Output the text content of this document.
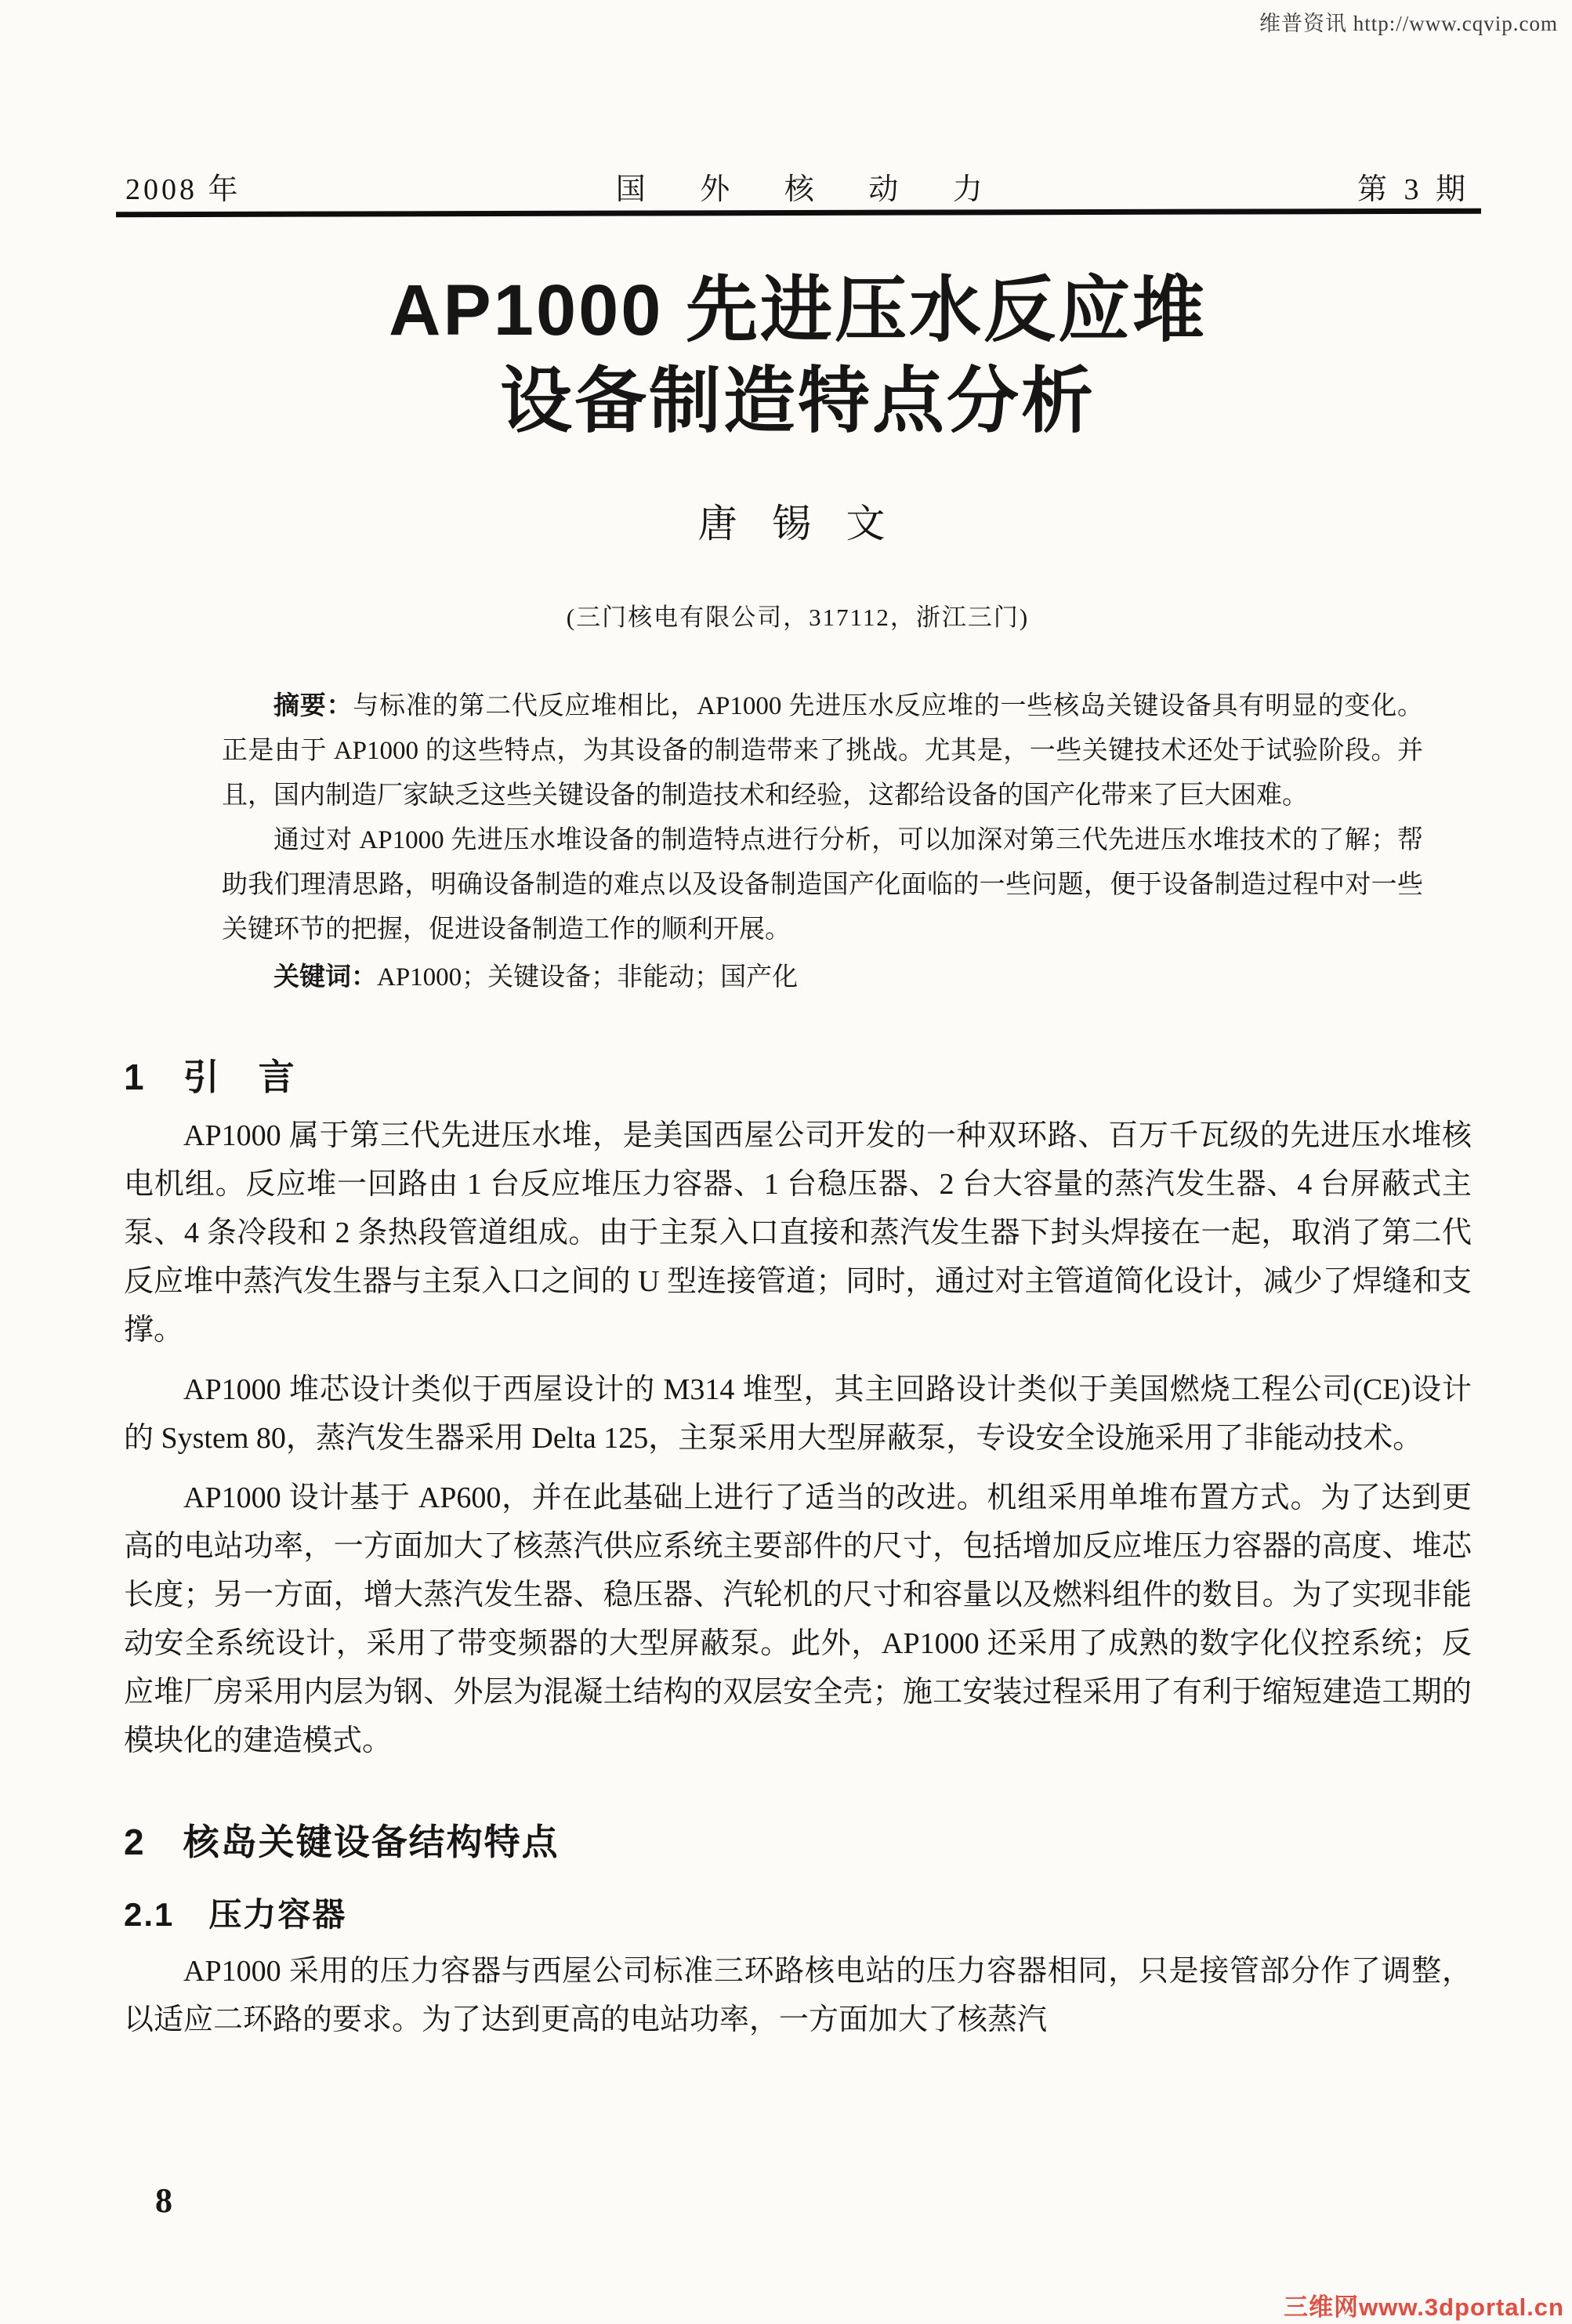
维普资讯 http://www.cqvip.com
2008 年	国 外 核 动 力	第 3 期
AP1000 先进压水反应堆
设备制造特点分析
唐 锡 文
(三门核电有限公司，317112，浙江三门)

摘要：与标准的第二代反应堆相比，AP1000 先进压水反应堆的一些核岛关键设备具有明显的变化。正是由于 AP1000 的这些特点，为其设备的制造带来了挑战。尤其是，一些关键技术还处于试验阶段。并且，国内制造厂家缺乏这些关键设备的制造技术和经验，这都给设备的国产化带来了巨大困难。

通过对 AP1000 先进压水堆设备的制造特点进行分析，可以加深对第三代先进压水堆技术的了解；帮助我们理清思路，明确设备制造的难点以及设备制造国产化面临的一些问题，便于设备制造过程中对一些关键环节的把握，促进设备制造工作的顺利开展。

关键词：AP1000；关键设备；非能动；国产化

1　引　言

AP1000 属于第三代先进压水堆，是美国西屋公司开发的一种双环路、百万千瓦级的先进压水堆核电机组。反应堆一回路由 1 台反应堆压力容器、1 台稳压器、2 台大容量的蒸汽发生器、4 台屏蔽式主泵、4 条冷段和 2 条热段管道组成。由于主泵入口直接和蒸汽发生器下封头焊接在一起，取消了第二代反应堆中蒸汽发生器与主泵入口之间的 U 型连接管道；同时，通过对主管道简化设计，减少了焊缝和支撑。

AP1000 堆芯设计类似于西屋设计的 M314 堆型，其主回路设计类似于美国燃烧工程公司(CE)设计的 System 80，蒸汽发生器采用 Delta 125，主泵采用大型屏蔽泵，专设安全设施采用了非能动技术。

AP1000 设计基于 AP600，并在此基础上进行了适当的改进。机组采用单堆布置方式。为了达到更高的电站功率，一方面加大了核蒸汽供应系统主要部件的尺寸，包括增加反应堆压力容器的高度、堆芯长度；另一方面，增大蒸汽发生器、稳压器、汽轮机的尺寸和容量以及燃料组件的数目。为了实现非能动安全系统设计，采用了带变频器的大型屏蔽泵。此外，AP1000 还采用了成熟的数字化仪控系统；反应堆厂房采用内层为钢、外层为混凝土结构的双层安全壳；施工安装过程采用了有利于缩短建造工期的模块化的建造模式。

2　核岛关键设备结构特点
2.1　压力容器

AP1000 采用的压力容器与西屋公司标准三环路核电站的压力容器相同，只是接管部分作了调整，以适应二环路的要求。为了达到更高的电站功率，一方面加大了核蒸汽

8
三维网www.3dportal.cn
